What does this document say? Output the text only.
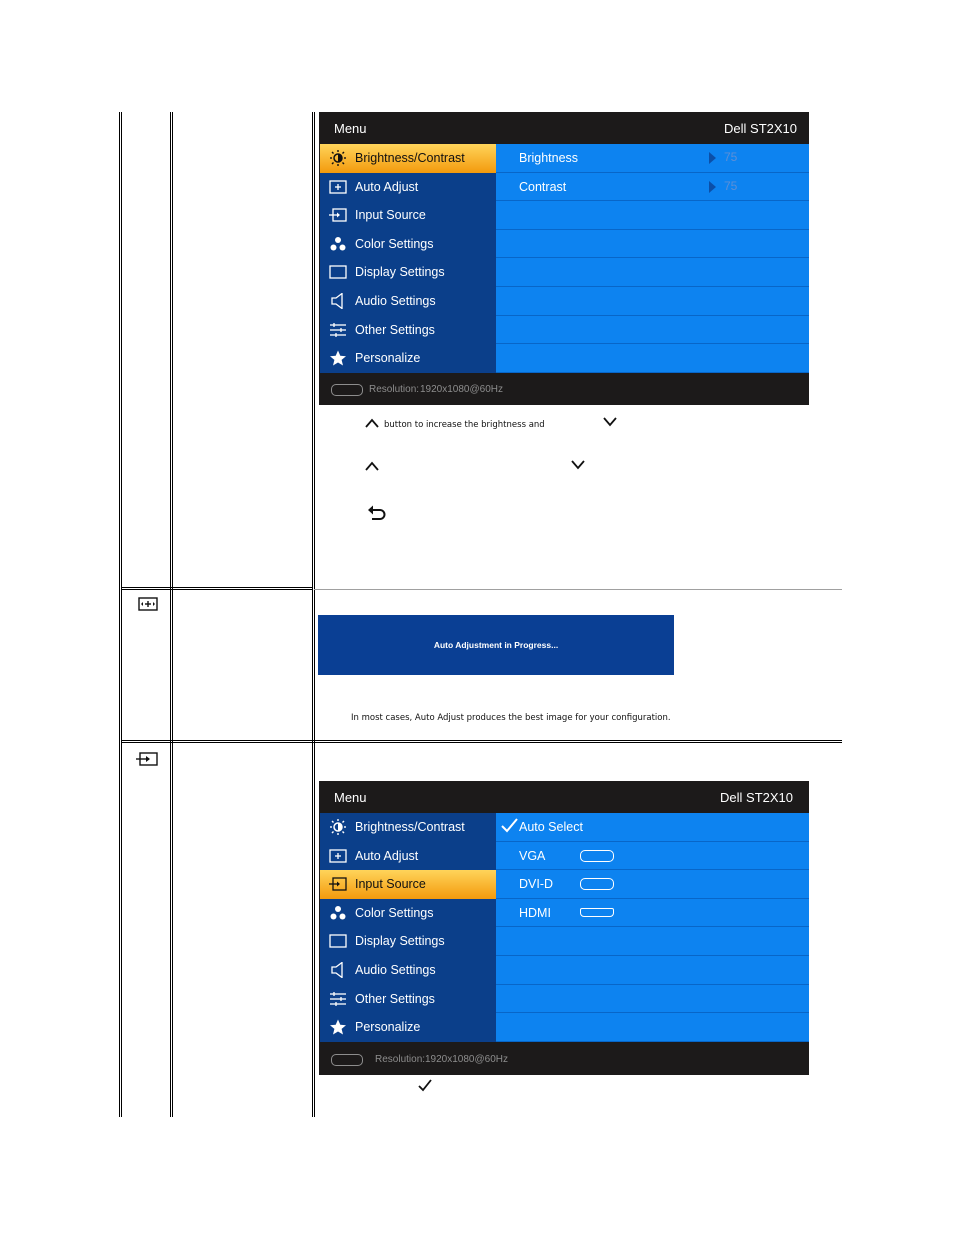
Menu	Dell ST2X10
Brightness/Contrast
Auto Adjust
Input Source
Color Settings
Display Settings
Audio Settings
Other Settings
Personalize
Brightness	75
Contrast	75
Resolution: 1920x1080@60Hz
button to increase the brightness and
Auto Adjustment in Progress...
In most cases, Auto Adjust produces the best image for your configuration.
Menu	Dell ST2X10
Brightness/Contrast
Auto Adjust
Input Source
Color Settings
Display Settings
Audio Settings
Other Settings
Personalize
Auto Select
VGA
DVI-D
HDMI
Resolution: 1920x1080@60Hz
